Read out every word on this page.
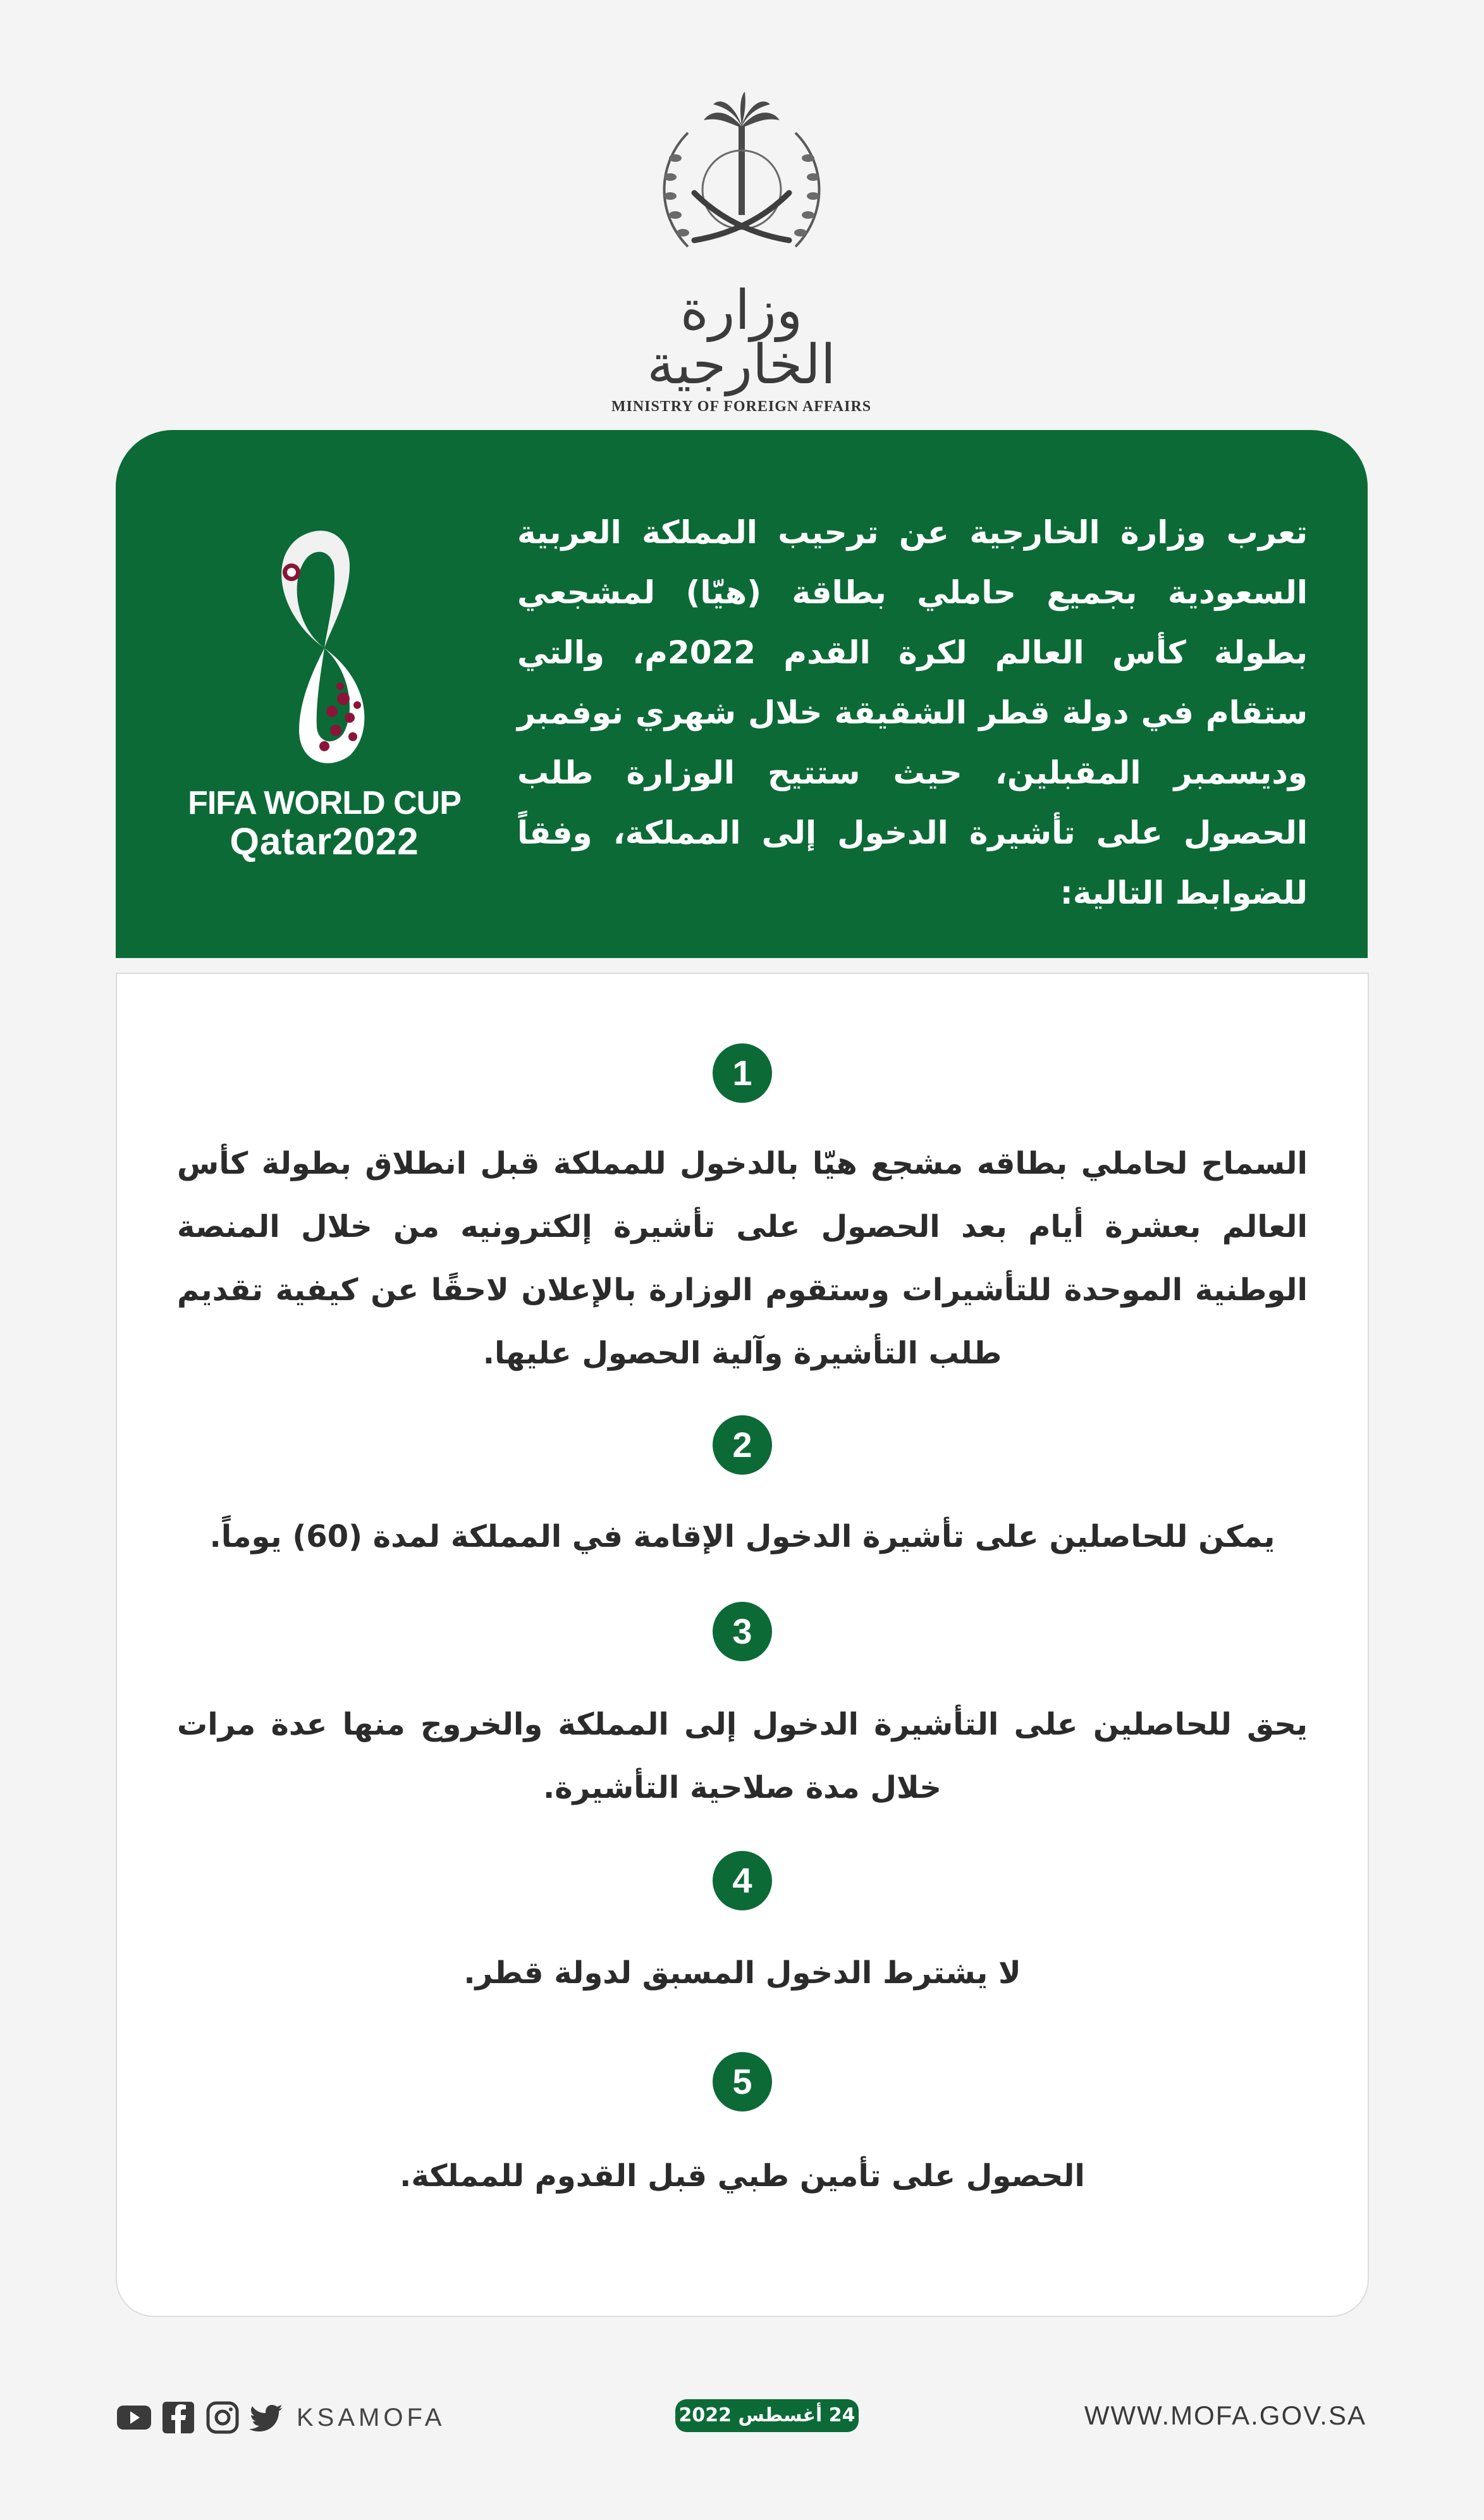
وزارة الخارجية
MINISTRY OF FOREIGN AFFAIRS
تعرب وزارة الخارجية عن ترحيب المملكة العربية السعودية بجميع حاملي بطاقة (هيّا) لمشجعي بطولة كأس العالم لكرة القدم 2022م، والتي ستقام في دولة قطر الشقيقة خلال شهري نوفمبر وديسمبر المقبلين، حيث ستتيح الوزارة طلب الحصول على تأشيرة الدخول إلى المملكة، وفقاً للضوابط التالية:
FIFA WORLD CUP
Qatar2022
1
السماح لحاملي بطاقه مشجع هيّا بالدخول للمملكة قبل انطلاق بطولة كأس العالم بعشرة أيام بعد الحصول على تأشيرة إلكترونيه من خلال المنصة الوطنية الموحدة للتأشيرات وستقوم الوزارة بالإعلان لاحقًا عن كيفية تقديم طلب التأشيرة وآلية الحصول عليها.
2
يمكن للحاصلين على تأشيرة الدخول الإقامة في المملكة لمدة (60) يوماً.
3
يحق للحاصلين على التأشيرة الدخول إلى المملكة والخروج منها عدة مرات خلال مدة صلاحية التأشيرة.
4
لا يشترط الدخول المسبق لدولة قطر.
5
الحصول على تأمين طبي قبل القدوم للمملكة.
KSAMOFA	24 أغسطس 2022	WWW.MOFA.GOV.SA
